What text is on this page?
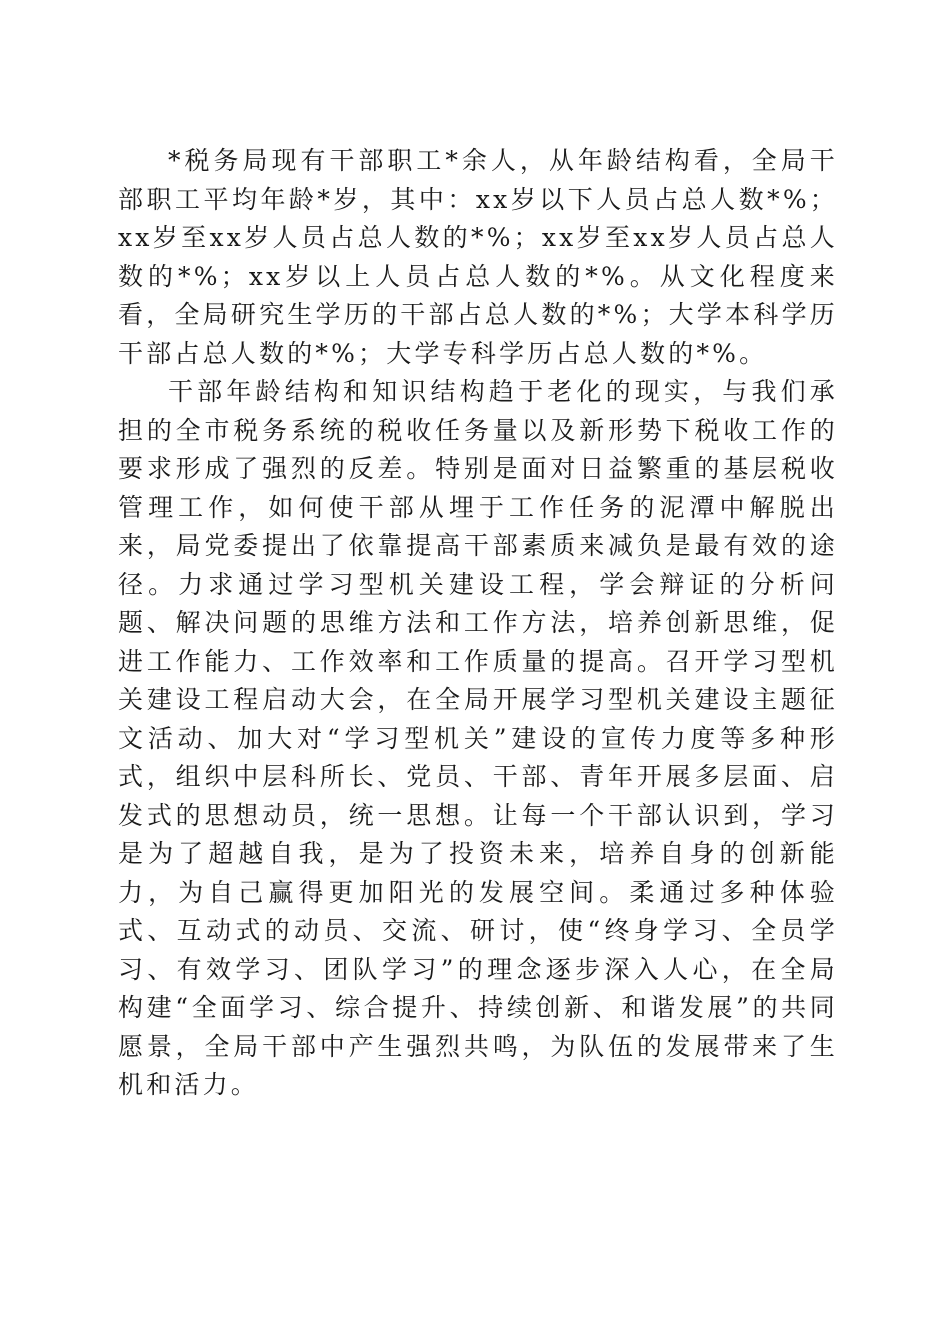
*税务局现有干部职工*余人，从年龄结构看，全局干部职工平均年龄*岁，其中：xx岁以下人员占总人数*%；xx岁至xx岁人员占总人数的*%；xx岁至xx岁人员占总人数的*%；xx岁以上人员占总人数的*%。从文化程度来看，全局研究生学历的干部占总人数的*%；大学本科学历干部占总人数的*%；大学专科学历占总人数的*%。

干部年龄结构和知识结构趋于老化的现实，与我们承担的全市税务系统的税收任务量以及新形势下税收工作的要求形成了强烈的反差。特别是面对日益繁重的基层税收管理工作，如何使干部从埋于工作任务的泥潭中解脱出来，局党委提出了依靠提高干部素质来减负是最有效的途径。力求通过学习型机关建设工程，学会辩证的分析问题、解决问题的思维方法和工作方法，培养创新思维，促进工作能力、工作效率和工作质量的提高。召开学习型机关建设工程启动大会，在全局开展学习型机关建设主题征文活动、加大对“学习型机关”建设的宣传力度等多种形式，组织中层科所长、党员、干部、青年开展多层面、启发式的思想动员，统一思想。让每一个干部认识到，学习是为了超越自我，是为了投资未来，培养自身的创新能力，为自己赢得更加阳光的发展空间。柔通过多种体验式、互动式的动员、交流、研讨，使“终身学习、全员学习、有效学习、团队学习”的理念逐步深入人心，在全局构建“全面学习、综合提升、持续创新、和谐发展”的共同愿景，全局干部中产生强烈共鸣，为队伍的发展带来了生机和活力。
